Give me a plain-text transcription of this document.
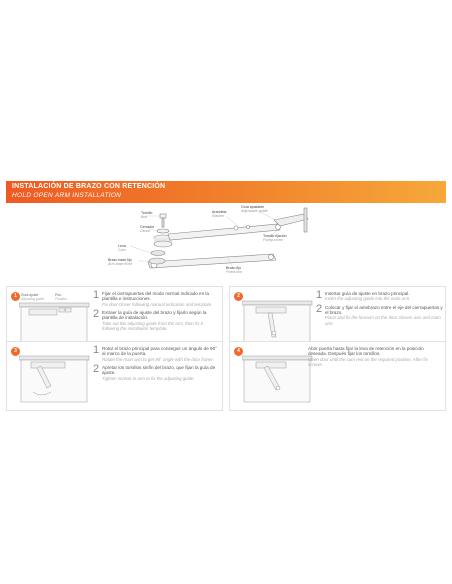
INSTALACIÓN DE BRAZO CON RETENCIÓN
HOLD OPEN ARM INSTALLATION
Tornillo
Bolt
Arandela
Washer
Cerrador
Closer
Leva
Cam
Brazo base fijo
Arm base fixed
Guía ajustable
Adjustable guide
Tornillo fijación
Fixing screw
Brazo fijo
Fixed arm
1	Guía ajuste
Adjusting guide
Pos.
Position 1 Fijar el cierrapuertas del modo normal indicado en la plantilla e instrucciones.
Fix door closer following manual indication and template.
2 Extraer la guía de ajuste del brazo y fijarlo según la plantilla de instalación.
Take out the adjusting guide from the arm, then fix it following the installation template.
2	1 Insertar guía de ajuste en brazo principal.
Insert the adjusting guide into the main arm.
2 Colocar y fijar el antebrazo entre el eje del cierrapuertas y el brazo.
Place and fix the forearm on the door closers axis and main arm.
3	1 Rotar el brazo principal para conseguir un ángulo de 90° al marco de la puerta.
Rotate the main arm to get 90° angle with the door frame.
2 Apretar los tornillos sinfín del brazo, que fijan la guía de ajuste.
Tighten screws in arm to fix the adjusting guide.
4	Abrir puerta hasta fijar la leva de retención en la posición deseada. Después fijar los tornillos.
Open door until the cam rest on the required position. After fix screws.
